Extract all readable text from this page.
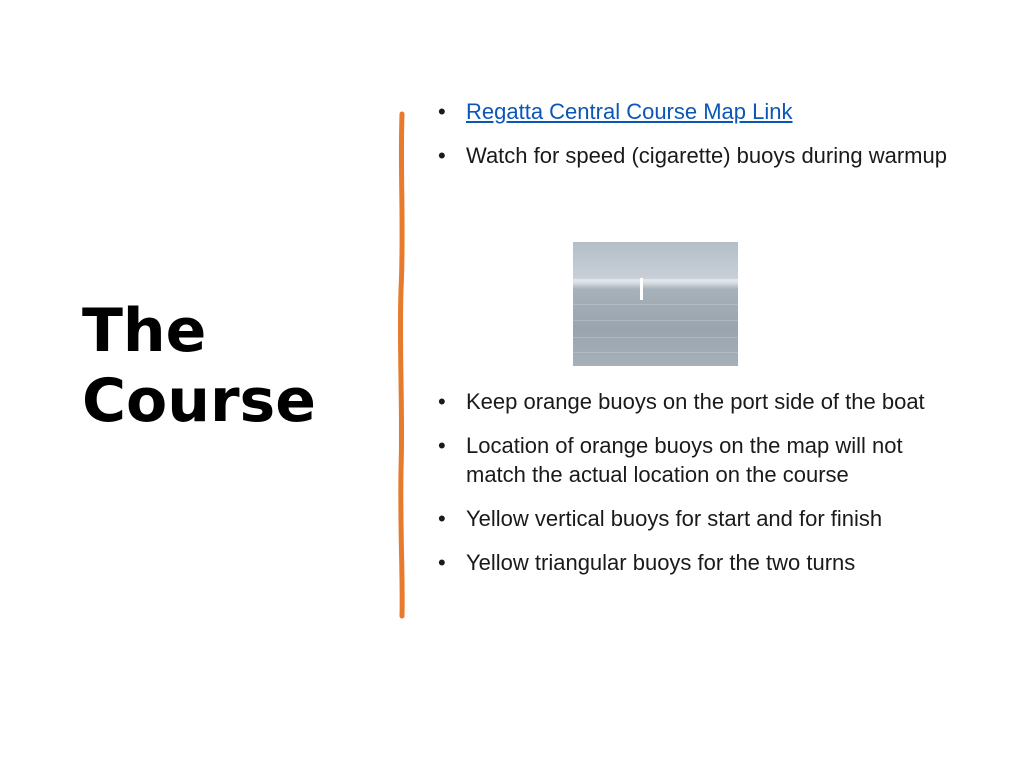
The Course
• Regatta Central Course Map Link
• Watch for speed (cigarette) buoys during warmup
• Keep orange buoys on the port side of the boat
• Location of orange buoys on the map will not match the actual location on the course
• Yellow vertical buoys for start and for finish
• Yellow triangular buoys for the two turns
